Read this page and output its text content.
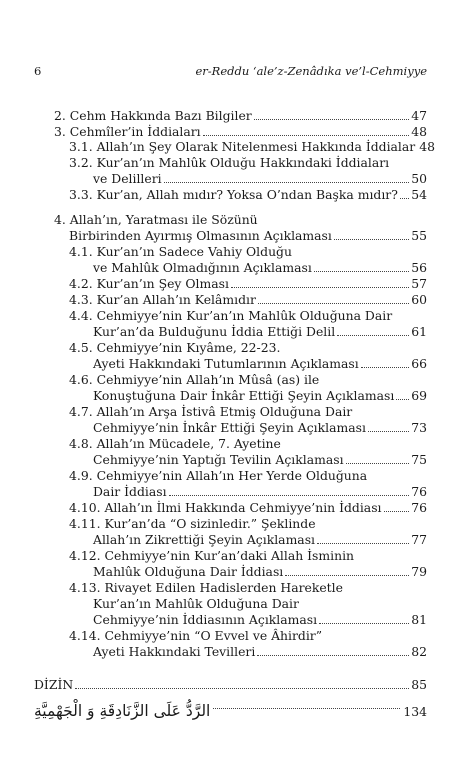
6	er-Reddu ‘ale’z-Zenâdıka ve’l-Cehmiyye
2. Cehm Hakkında Bazı Bilgiler	47
3. Cehmîler’in İddiaları	48
3.1. Allah’ın Şey Olarak Nitelenmesi Hakkında İddialar 48
3.2. Kur’an’ın Mahlûk Olduğu Hakkındaki İddiaları
ve Delilleri	50
3.3. Kur’an, Allah mıdır? Yoksa O’ndan Başka mıdır? 54
4. Allah’ın, Yaratması ile Sözünü
Birbirinden Ayırmış Olmasının Açıklaması	55
4.1. Kur’an’ın Sadece Vahiy Olduğu
ve Mahlûk Olmadığının Açıklaması	56
4.2. Kur’an’ın Şey Olması	57
4.3. Kur’an Allah’ın Kelâmıdır	60
4.4. Cehmiyye’nin Kur’an’ın Mahlûk Olduğuna Dair
Kur’an’da Bulduğunu İddia Ettiği Delil	61
4.5. Cehmiyye’nin Kıyâme, 22-23.
Ayeti Hakkındaki Tutumlarının Açıklaması	66
4.6. Cehmiyye’nin Allah’ın Mûsâ (as) ile
Konuştuğuna Dair İnkâr Ettiği Şeyin Açıklaması 69
4.7. Allah’ın Arşa İstivâ Etmiş Olduğuna Dair
Cehmiyye’nin İnkâr Ettiği Şeyin Açıklaması	73
4.8. Allah’ın Mücadele, 7. Ayetine
Cehmiyye’nin Yaptığı Tevilin Açıklaması	75
4.9. Cehmiyye’nin Allah’ın Her Yerde Olduğuna
Dair İddiası	76
4.10. Allah’ın İlmi Hakkında Cehmiyye’nin İddiası 76
4.11. Kur’an’da “O sizinledir.” Şeklinde
Allah’ın Zikrettiği Şeyin Açıklaması	77
4.12. Cehmiyye’nin Kur’an’daki Allah İsminin
Mahlûk Olduğuna Dair İddiası	79
4.13. Rivayet Edilen Hadislerden Hareketle
Kur’an’ın Mahlûk Olduğuna Dair
Cehmiyye’nin İddiasının Açıklaması	81
4.14. Cehmiyye’nin “O Evvel ve Âhirdir”
Ayeti Hakkındaki Tevilleri	82
DİZİN	85
الرَّدُّ عَلَى الزَّنَادِقَةِ وَ الْجَهْمِيَّةِ	134
